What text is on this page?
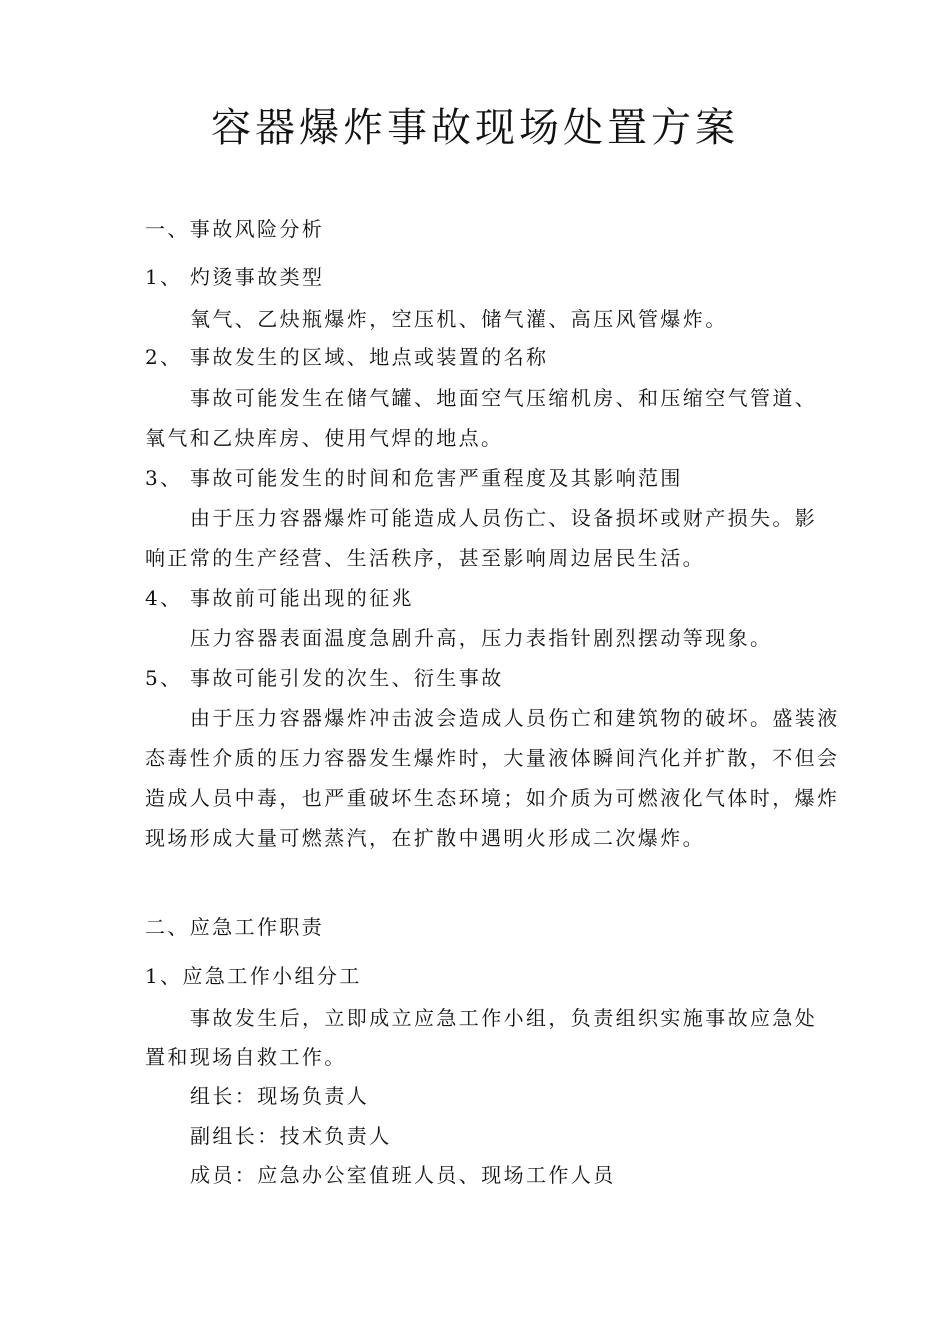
容器爆炸事故现场处置方案
一、事故风险分析
1、 灼烫事故类型
氧气、乙炔瓶爆炸，空压机、储气灌、高压风管爆炸。
2、 事故发生的区域、地点或装置的名称
事故可能发生在储气罐、地面空气压缩机房、和压缩空气管道、
氧气和乙炔库房、使用气焊的地点。
3、 事故可能发生的时间和危害严重程度及其影响范围
由于压力容器爆炸可能造成人员伤亡、设备损坏或财产损失。影
响正常的生产经营、生活秩序，甚至影响周边居民生活。
4、 事故前可能出现的征兆
压力容器表面温度急剧升高，压力表指针剧烈摆动等现象。
5、 事故可能引发的次生、衍生事故
由于压力容器爆炸冲击波会造成人员伤亡和建筑物的破坏。盛装液
态毒性介质的压力容器发生爆炸时，大量液体瞬间汽化并扩散，不但会
造成人员中毒，也严重破坏生态环境；如介质为可燃液化气体时，爆炸
现场形成大量可燃蒸汽，在扩散中遇明火形成二次爆炸。
二、应急工作职责
1、应急工作小组分工
事故发生后，立即成立应急工作小组，负责组织实施事故应急处
置和现场自救工作。
组长：现场负责人
副组长：技术负责人
成员：应急办公室值班人员、现场工作人员
